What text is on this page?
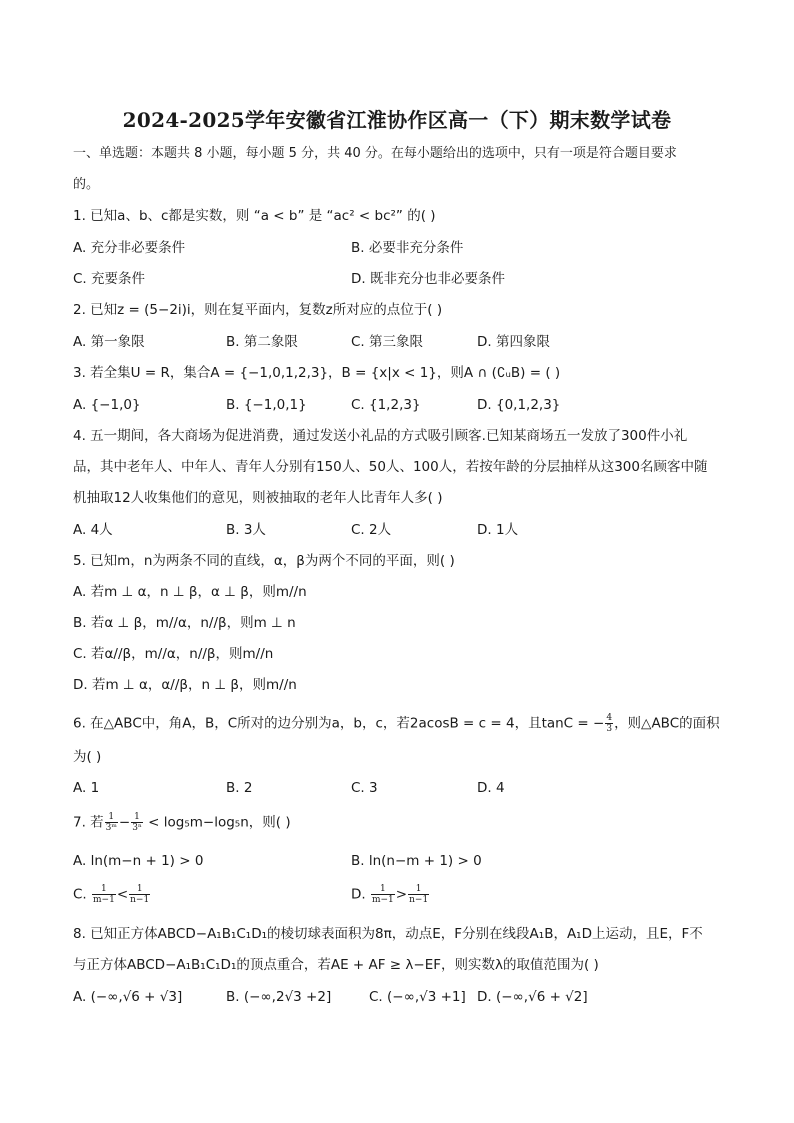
2024-2025学年安徽省江淮协作区高一（下）期末数学试卷
一、单选题：本题共 8 小题，每小题 5 分，共 40 分。在每小题给出的选项中，只有一项是符合题目要求
的。
1. 已知a、b、c都是实数，则 “a < b” 是 “ac² < bc²” 的( )
A. 充分非必要条件	B. 必要非充分条件
C. 充要条件	D. 既非充分也非必要条件
2. 已知z = (5−2i)i，则在复平面内，复数z所对应的点位于( )
A. 第一象限	B. 第二象限	C. 第三象限	D. 第四象限
3. 若全集U = R，集合A = {−1,0,1,2,3}，B = {x|x < 1}，则A ∩ (∁ᵤB) = ( )
A. {−1,0}	B. {−1,0,1}	C. {1,2,3}	D. {0,1,2,3}
4. 五一期间，各大商场为促进消费，通过发送小礼品的方式吸引顾客.已知某商场五一发放了300件小礼
品，其中老年人、中年人、青年人分别有150人、50人、100人，若按年龄的分层抽样从这300名顾客中随
机抽取12人收集他们的意见，则被抽取的老年人比青年人多( )
A. 4人	B. 3人	C. 2人	D. 1人
5. 已知m，n为两条不同的直线，α，β为两个不同的平面，则( )
A. 若m ⊥ α，n ⊥ β，α ⊥ β，则m//n
B. 若α ⊥ β，m//α，n//β，则m ⊥ n
C. 若α//β，m//α，n//β，则m//n
D. 若m ⊥ α，α//β，n ⊥ β，则m//n
6. 在△ABC中，角A，B，C所对的边分别为a，b，c，若2acosB = c = 4，且tanC = − $\frac{4}{3}$ ，则△ABC的面积
为( )
A. 1	B. 2	C. 3	D. 4
7. 若 $\frac{1}{\text{3ᵐ}} - \frac{1}{\text{3ⁿ}} < \log_5m-\log_5n$，则( )
A. ln(m−n + 1) > 0	B. ln(n−m + 1) > 0
C. $\frac{1}{m-1} < \frac{1}{n-1}$	D. $\frac{1}{m-1} > \frac{1}{n-1}$
8. 已知正方体ABCD−A₁B₁C₁D₁的棱切球表面积为8π，动点E，F分别在线段A₁B，A₁D上运动，且E，F不
与正方体ABCD−A₁B₁C₁D₁的顶点重合，若AE + AF ≥ λ−EF，则实数λ的取值范围为( )
A. (−∞,√6 + √3]	B. (−∞,2√3 +2]	C. (−∞,√3 +1] D. (−∞,√6 + √2]
